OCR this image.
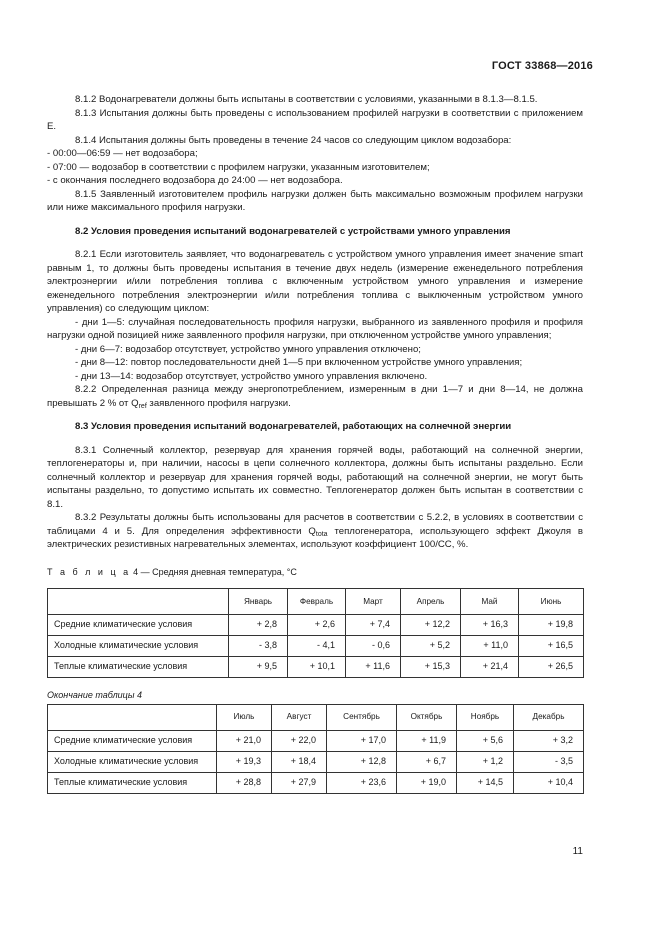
ГОСТ 33868—2016

8.1.2 Водонагреватели должны быть испытаны в соответствии с условиями, указанными в 8.1.3—8.1.5.

8.1.3 Испытания должны быть проведены с использованием профилей нагрузки в соответствии с приложением Е.

8.1.4 Испытания должны быть проведены в течение 24 часов со следующим циклом водозабора:

- 00:00—06:59 — нет водозабора;

- 07:00 — водозабор в соответствии с профилем нагрузки, указанным изготовителем;

- с окончания последнего водозабора до 24:00 — нет водозабора.

8.1.5 Заявленный изготовителем профиль нагрузки должен быть максимально возможным профилем нагрузки или ниже максимального профиля нагрузки.

8.2 Условия проведения испытаний водонагревателей с устройствами умного управления

8.2.1 Если изготовитель заявляет, что водонагреватель с устройством умного управления имеет значение smart равным 1, то должны быть проведены испытания в течение двух недель (измерение еженедельного потребления электроэнергии и/или потребления топлива с включенным устройством умного управления и измерение еженедельного потребления электроэнергии и/или потребления топлива с выключенным устройством умного управления) со следующим циклом:

- дни 1—5: случайная последовательность профиля нагрузки, выбранного из заявленного профиля и профиля нагрузки одной позицией ниже заявленного профиля нагрузки, при отключенном устройстве умного управления;

- дни 6—7: водозабор отсутствует, устройство умного управления отключено;

- дни 8—12: повтор последовательности дней 1—5 при включенном устройстве умного управления;

- дни 13—14: водозабор отсутствует, устройство умного управления включено.

8.2.2 Определенная разница между энергопотреблением, измеренным в дни 1—7 и дни 8—14, не должна превышать 2 % от $Q_{ref}$ заявленного профиля нагрузки.

8.3 Условия проведения испытаний водонагревателей, работающих на солнечной энергии

8.3.1 Солнечный коллектор, резервуар для хранения горячей воды, работающий на солнечной энергии, теплогенераторы и, при наличии, насосы в цепи солнечного коллектора, должны быть испытаны раздельно. Если солнечный коллектор и резервуар для хранения горячей воды, работающий на солнечной энергии, не могут быть испытаны раздельно, то допустимо испытать их совместно. Теплогенератор должен быть испытан в соответствии с 8.1.

8.3.2 Результаты должны быть использованы для расчетов в соответствии с 5.2.2, в условиях в соответствии с таблицами 4 и 5. Для определения эффективности $Q_{tota}$ теплогенератора, использующего эффект Джоуля в электрических резистивных нагревательных элементах, используют коэффициент 100/CC, %.

Т а б л и ц а 4 — Средняя дневная температура, °С

	Январь	Февраль	Март	Апрель	Май	Июнь
Средние климатические условия	+ 2,8	+ 2,6	+ 7,4	+ 12,2	+ 16,3	+ 19,8
Холодные климатические условия	- 3,8	- 4,1	- 0,6	+ 5,2	+ 11,0	+ 16,5
Теплые климатические условия	+ 9,5	+ 10,1	+ 11,6	+ 15,3	+ 21,4	+ 26,5

Окончание таблицы 4

	Июль	Август	Сентябрь	Октябрь	Ноябрь	Декабрь
Средние климатические условия	+ 21,0	+ 22,0	+ 17,0	+ 11,9	+ 5,6	+ 3,2
Холодные климатические условия	+ 19,3	+ 18,4	+ 12,8	+ 6,7	+ 1,2	- 3,5
Теплые климатические условия	+ 28,8	+ 27,9	+ 23,6	+ 19,0	+ 14,5	+ 10,4
11
